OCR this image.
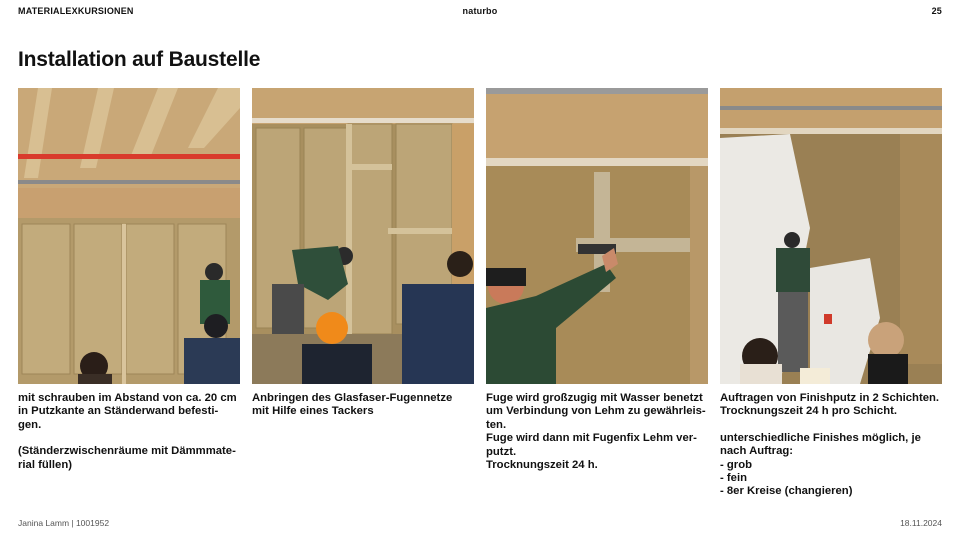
MATERIALEXKURSIONEN	naturbo	25
Installation auf Baustelle

mit schrauben im Abstand von ca. 20 cm

in Putzkante an Ständerwand befesti-

gen.

(Ständerzwischenräume mit Dämmmate-

rial füllen)

Anbringen des Glasfaser-Fugennetze

mit Hilfe eines Tackers

Fuge wird großzugig mit Wasser benetzt

um Verbindung von Lehm zu gewährleis-

ten.

Fuge wird dann mit Fugenfix Lehm ver-

putzt.

Trocknungszeit 24 h.

Auftragen von Finishputz in 2 Schichten.

Trocknungszeit 24 h pro Schicht.

unterschiedliche Finishes möglich, je

nach Auftrag:

- grob

- fein

- 8er Kreise (changieren)

Janina Lamm | 1001952	18.11.2024
